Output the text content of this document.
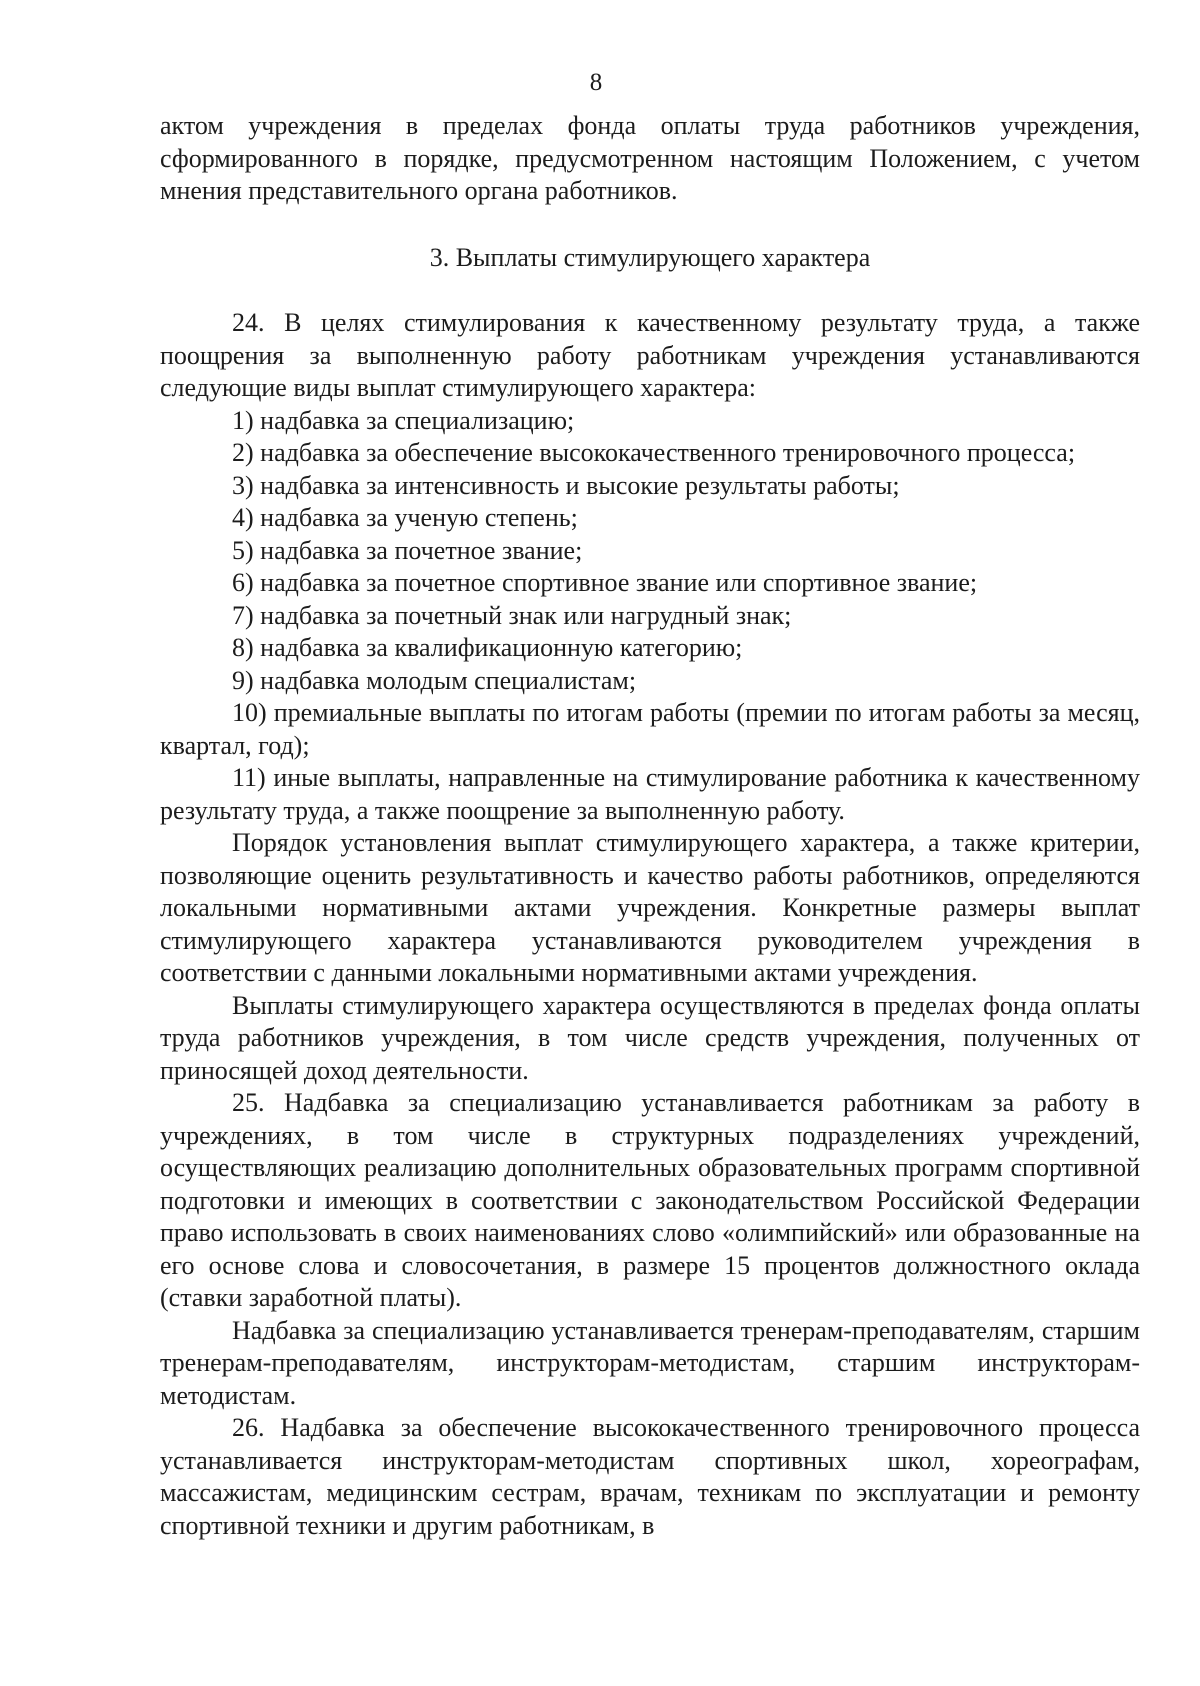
8

актом учреждения в пределах фонда оплаты труда работников учреждения, сформированного в порядке, предусмотренном настоящим Положением, с учетом мнения представительного органа работников.

3. Выплаты стимулирующего характера

24. В целях стимулирования к качественному результату труда, а также поощрения за выполненную работу работникам учреждения устанавливаются следующие виды выплат стимулирующего характера:

1) надбавка за специализацию;

2) надбавка за обеспечение высококачественного тренировочного процесса;

3) надбавка за интенсивность и высокие результаты работы;

4) надбавка за ученую степень;

5) надбавка за почетное звание;

6) надбавка за почетное спортивное звание или спортивное звание;

7) надбавка за почетный знак или нагрудный знак;

8) надбавка за квалификационную категорию;

9) надбавка молодым специалистам;

10) премиальные выплаты по итогам работы (премии по итогам работы за месяц, квартал, год);

11) иные выплаты, направленные на стимулирование работника к качественному результату труда, а также поощрение за выполненную работу.

Порядок установления выплат стимулирующего характера, а также критерии, позволяющие оценить результативность и качество работы работников, определяются локальными нормативными актами учреждения. Конкретные размеры выплат стимулирующего характера устанавливаются руководителем учреждения в соответствии с данными локальными нормативными актами учреждения.

Выплаты стимулирующего характера осуществляются в пределах фонда оплаты труда работников учреждения, в том числе средств учреждения, полученных от приносящей доход деятельности.

25. Надбавка за специализацию устанавливается работникам за работу в учреждениях, в том числе в структурных подразделениях учреждений, осуществляющих реализацию дополнительных образовательных программ спортивной подготовки и имеющих в соответствии с законодательством Российской Федерации право использовать в своих наименованиях слово «олимпийский» или образованные на его основе слова и словосочетания, в размере 15 процентов должностного оклада (ставки заработной платы).

Надбавка за специализацию устанавливается тренерам-преподавателям, старшим тренерам-преподавателям, инструкторам-методистам, старшим инструкторам-методистам.

26. Надбавка за обеспечение высококачественного тренировочного процесса устанавливается инструкторам-методистам спортивных школ, хореографам, массажистам, медицинским сестрам, врачам, техникам по эксплуатации и ремонту спортивной техники и другим работникам, в
